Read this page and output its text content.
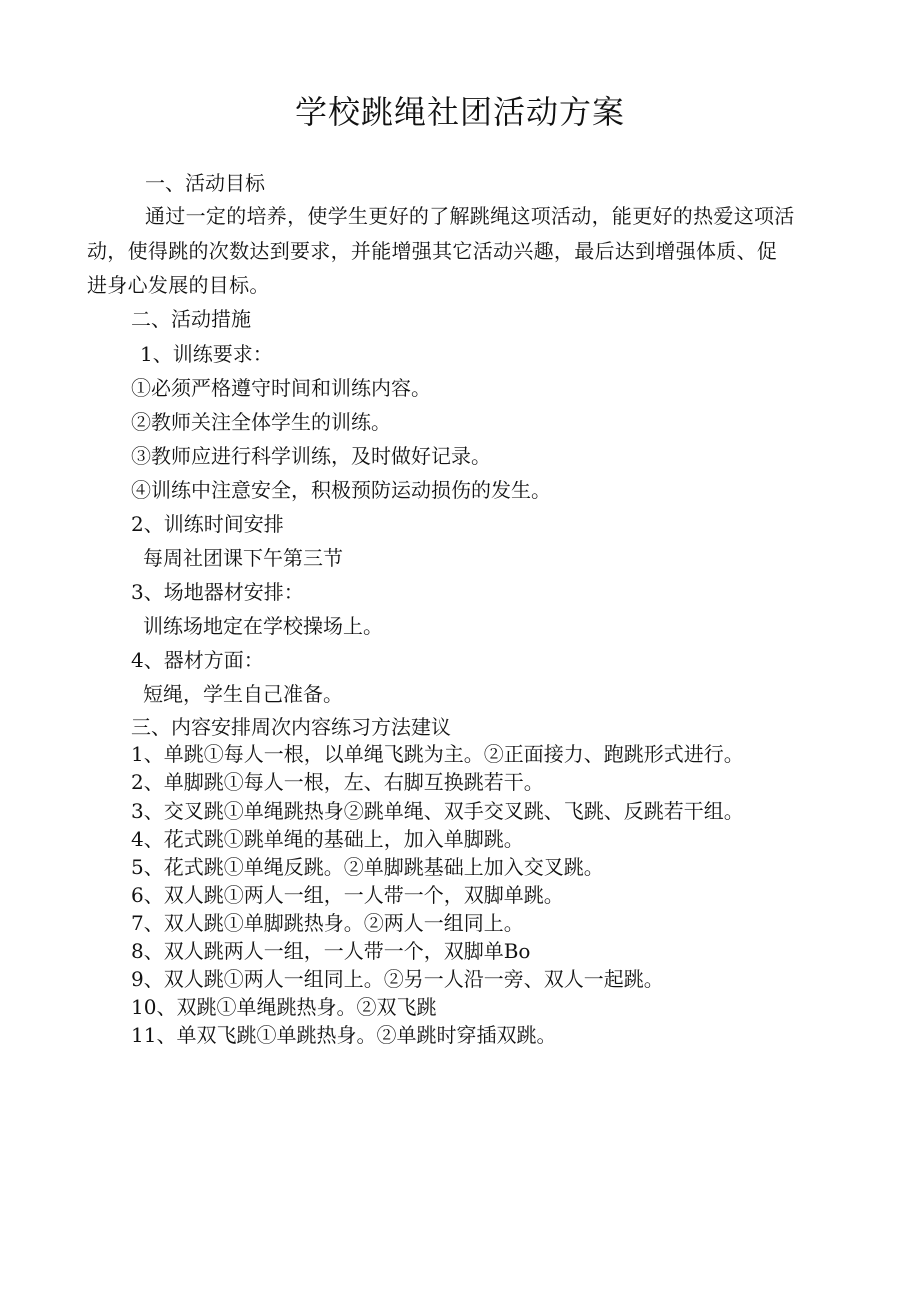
学校跳绳社团活动方案
一、活动目标
通过一定的培养，使学生更好的了解跳绳这项活动，能更好的热爱这项活
动，使得跳的次数达到要求，并能增强其它活动兴趣，最后达到增强体质、促
进身心发展的目标。
二、活动措施
1、训练要求：
①必须严格遵守时间和训练内容。
②教师关注全体学生的训练。
③教师应进行科学训练，及时做好记录。
④训练中注意安全，积极预防运动损伤的发生。
2、训练时间安排
每周社团课下午第三节
3、场地器材安排：
训练场地定在学校操场上。
4、器材方面：
短绳，学生自己准备。
三、内容安排周次内容练习方法建议
1、单跳①每人一根，以单绳飞跳为主。②正面接力、跑跳形式进行。
2、单脚跳①每人一根，左、右脚互换跳若干。
3、交叉跳①单绳跳热身②跳单绳、双手交叉跳、飞跳、反跳若干组。
4、花式跳①跳单绳的基础上，加入单脚跳。
5、花式跳①单绳反跳。②单脚跳基础上加入交叉跳。
6、双人跳①两人一组，一人带一个，双脚单跳。
7、双人跳①单脚跳热身。②两人一组同上。
8、双人跳两人一组，一人带一个，双脚单Bo
9、双人跳①两人一组同上。②另一人沿一旁、双人一起跳。
10、双跳①单绳跳热身。②双飞跳
11、单双飞跳①单跳热身。②单跳时穿插双跳。
